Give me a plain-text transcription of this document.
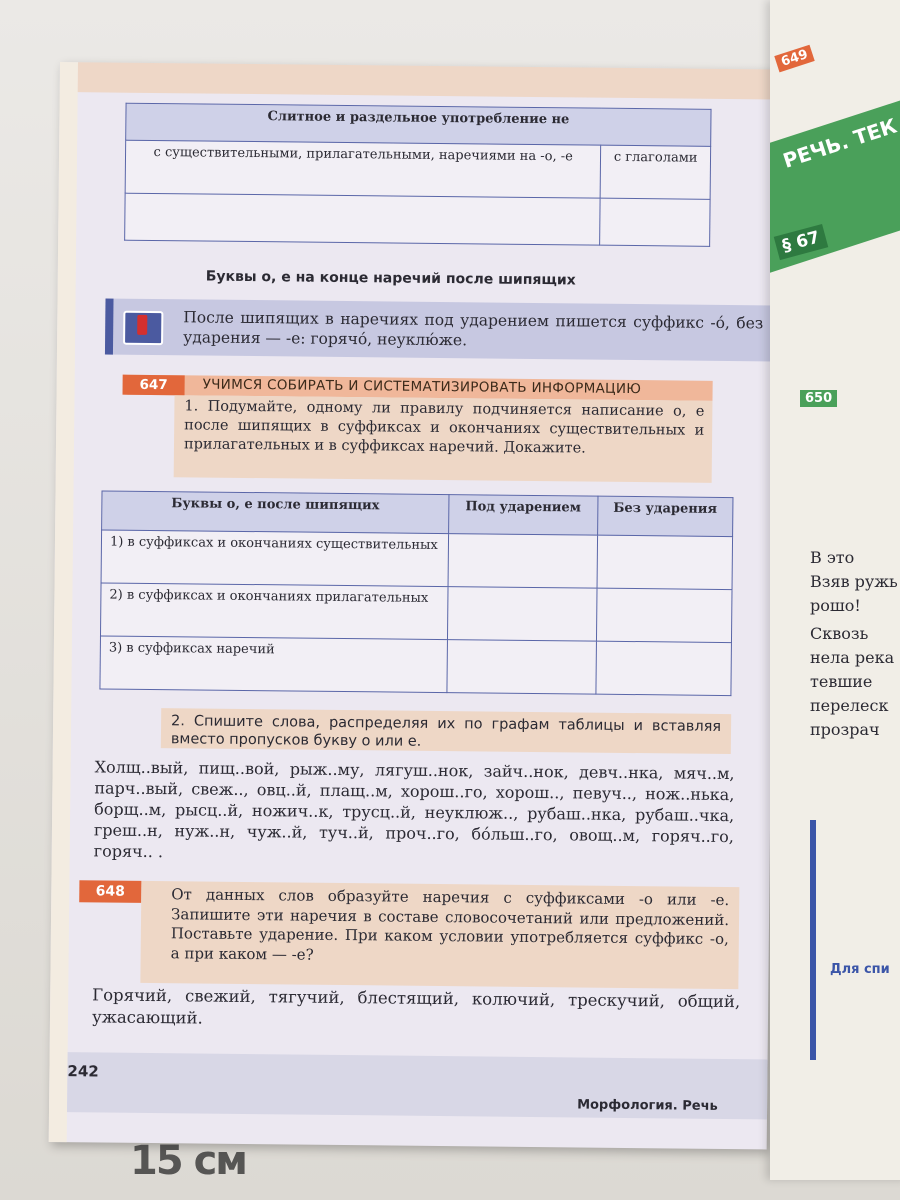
Слитное и раздельное употребление не	
с существительными, прилагательными, наречиями на -о, -е	с глаголами

Буквы о, е на конце наречий после шипящих
После шипящих в наречиях под ударением пишется суффикс -о́, без ударения — -е: горячо́, неуклю́же.
647	УЧИМСЯ СОБИРАТЬ И СИСТЕМАТИЗИРОВАТЬ ИНФОРМАЦИЮ
1. Подумайте, одному ли правилу подчиняется написание о, е после шипящих в суффиксах и окончаниях существительных и прилагательных и в суффиксах наречий. Докажите.
Буквы о, е после шипящих	Под ударением	Без ударения
1) в суффиксах и окончаниях существительных		
2) в суффиксах и окончаниях прилагательных		
3) в суффиксах наречий		
2. Спишите слова, распределяя их по графам таблицы и вставляя вместо пропусков букву о или е.
Холщ..вый, пищ..вой, рыж..му, лягуш..нок, зайч..нок, девч..нка, мяч..м, парч..вый, свеж.., овц..й, плащ..м, хорош..го, хорош.., певуч.., нож..нька, борщ..м, рысц..й, ножич..к, трусц..й, неуклюж.., рубаш..нка, рубаш..чка, греш..н, нуж..н, чуж..й, туч..й, проч..го, бо́льш..го, овощ..м, горяч..го, горяч.. .
648	От данных слов образуйте наречия с суффиксами -о или -е. Запишите эти наречия в составе словосочетаний или предложений. Поставьте ударение. При каком условии употребляется суффикс -о, а при каком — -е?
Горячий, свежий, тягучий, блестящий, колючий, трескучий, общий, ужасающий.
242
Морфология. Речь
649
РЕЧЬ. ТЕК
§ 67
650
В это
Взяв ружь
рошо!
Сквозь
нела река
тевшие
перелеск
прозрач
Для спи
15 см
